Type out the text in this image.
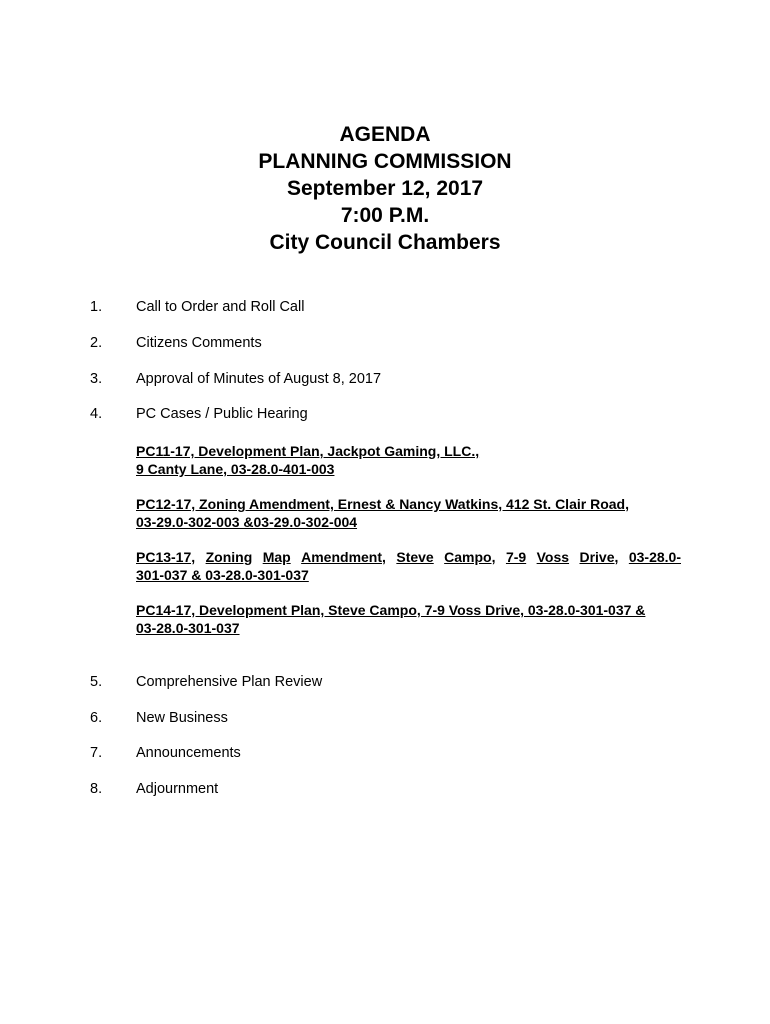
AGENDA
PLANNING COMMISSION
September 12, 2017
7:00 P.M.
City Council Chambers
1. Call to Order and Roll Call
2. Citizens Comments
3. Approval of Minutes of August 8, 2017
4. PC Cases / Public Hearing
PC11-17, Development Plan, Jackpot Gaming, LLC.,
9 Canty Lane, 03-28.0-401-003
PC12-17, Zoning Amendment, Ernest & Nancy Watkins, 412 St. Clair Road,
03-29.0-302-003 &03-29.0-302-004
PC13-17, Zoning Map Amendment, Steve Campo, 7-9 Voss Drive, 03-28.0-
301-037 & 03-28.0-301-037
PC14-17, Development Plan, Steve Campo, 7-9 Voss Drive, 03-28.0-301-037 &
03-28.0-301-037
5. Comprehensive Plan Review
6. New Business
7. Announcements
8. Adjournment
